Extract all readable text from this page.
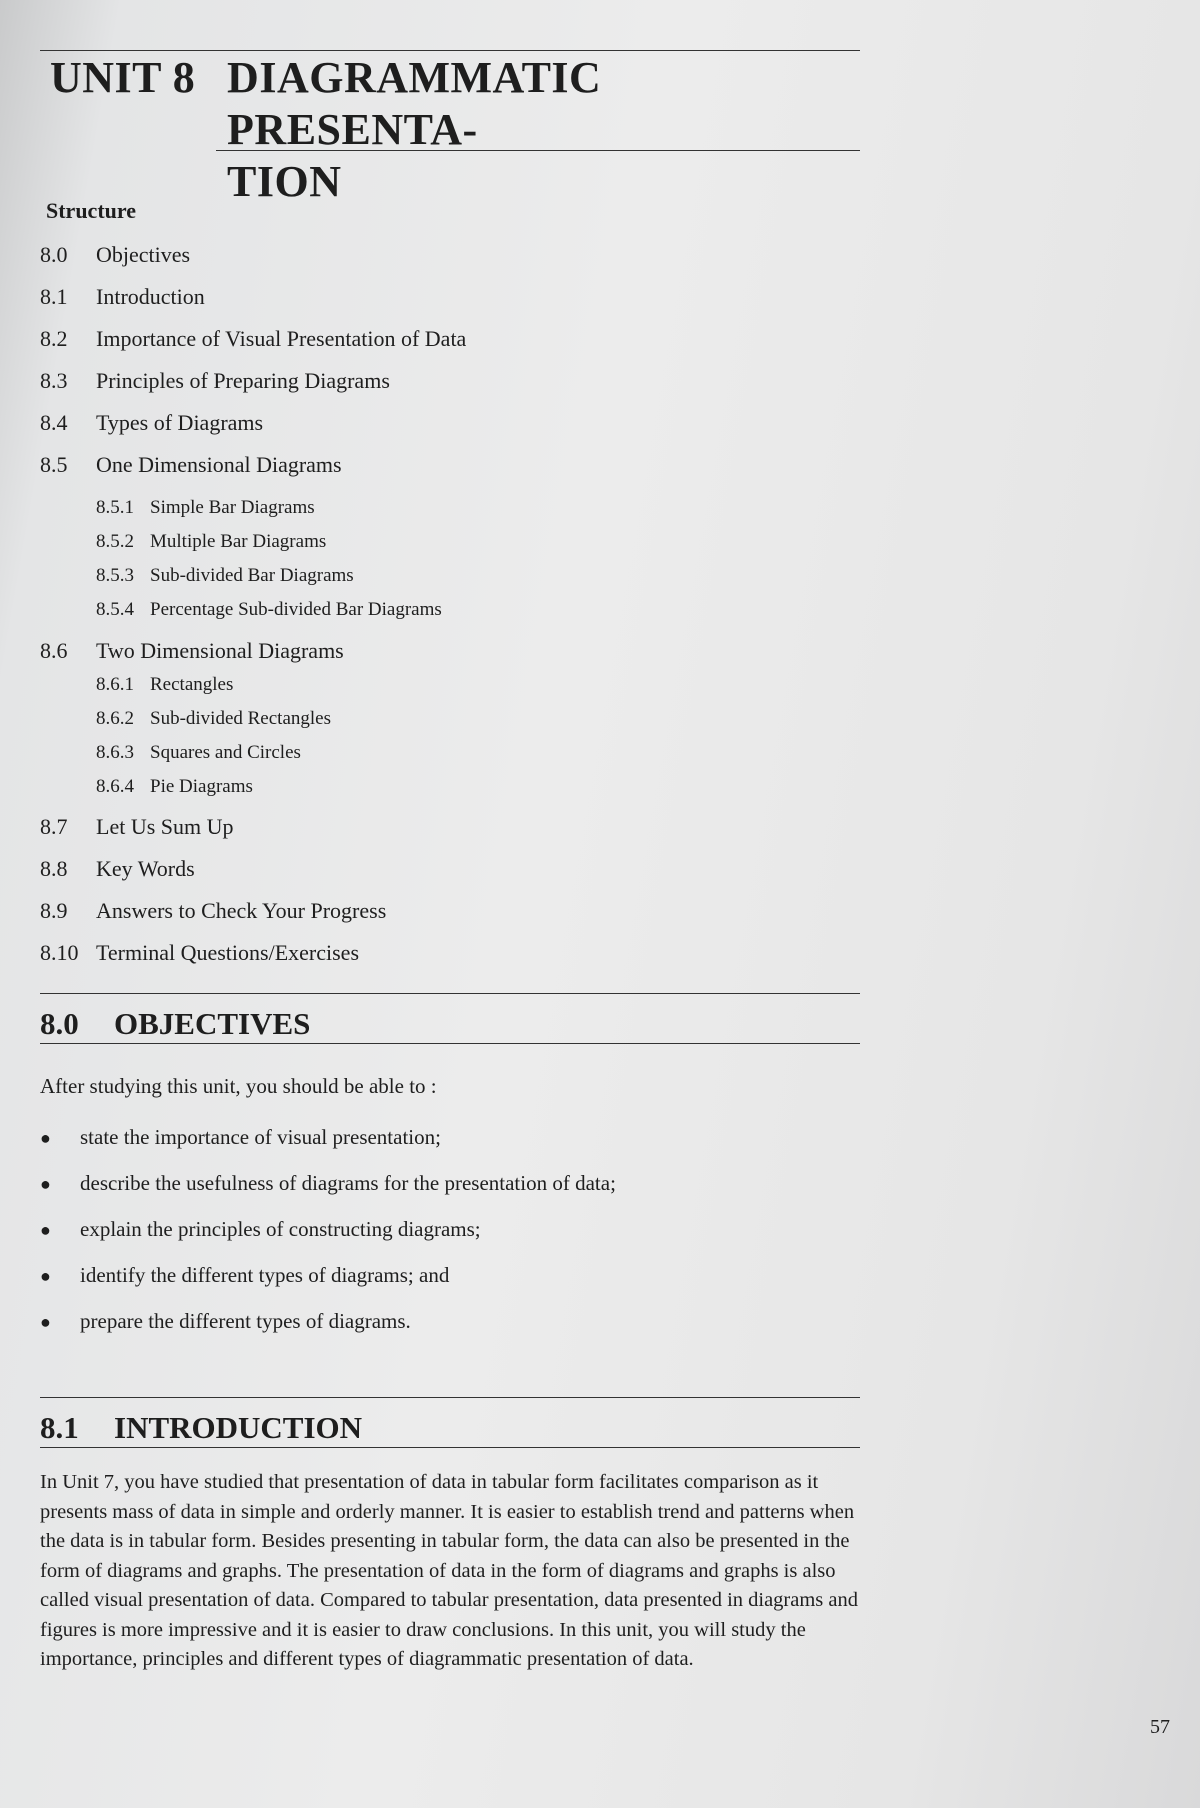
UNIT 8 DIAGRAMMATIC PRESENTA-
TION
Structure
8.0 Objectives
8.1 Introduction
8.2 Importance of Visual Presentation of Data
8.3 Principles of Preparing Diagrams
8.4 Types of Diagrams
8.5 One Dimensional Diagrams
8.5.1 Simple Bar Diagrams
8.5.2 Multiple Bar Diagrams
8.5.3 Sub-divided Bar Diagrams
8.5.4 Percentage Sub-divided Bar Diagrams
8.6 Two Dimensional Diagrams
8.6.1 Rectangles
8.6.2 Sub-divided Rectangles
8.6.3 Squares and Circles
8.6.4 Pie Diagrams
8.7 Let Us Sum Up
8.8 Key Words
8.9 Answers to Check Your Progress
8.10 Terminal Questions/Exercises
8.0 OBJECTIVES
After studying this unit, you should be able to :
● state the importance of visual presentation;
● describe the usefulness of diagrams for the presentation of data;
● explain the principles of constructing diagrams;
● identify the different types of diagrams; and
● prepare the different types of diagrams.
8.1 INTRODUCTION

In Unit 7, you have studied that presentation of data in tabular form facilitates comparison as it presents mass of data in simple and orderly manner. It is easier to establish trend and patterns when the data is in tabular form. Besides presenting in tabular form, the data can also be presented in the form of diagrams and graphs. The presentation of data in the form of diagrams and graphs is also called visual presentation of data. Compared to tabular presentation, data presented in diagrams and figures is more impressive and it is easier to draw conclusions. In this unit, you will study the importance, principles and different types of diagrammatic presentation of data.

57
